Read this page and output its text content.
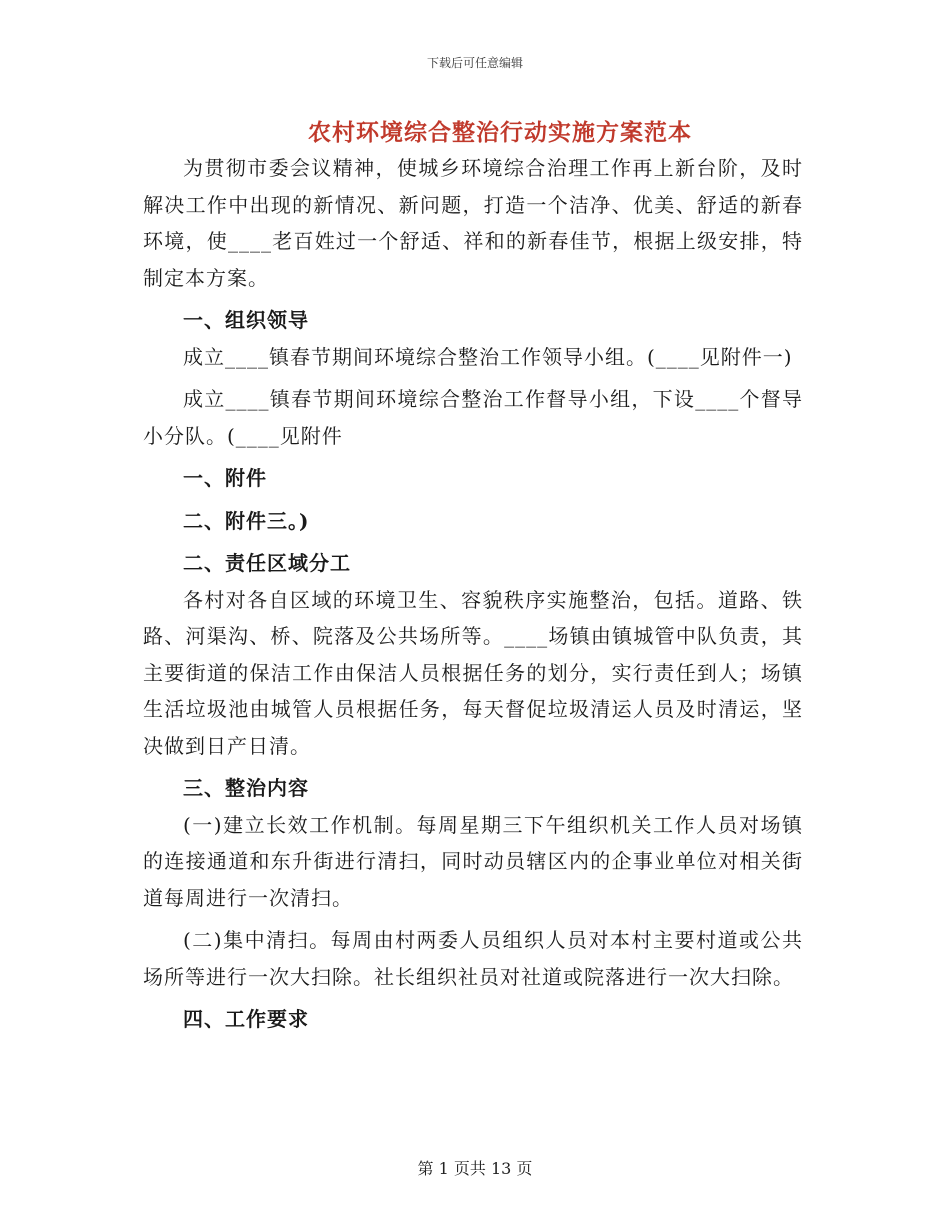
下载后可任意编辑
农村环境综合整治行动实施方案范本

为贯彻市委会议精神，使城乡环境综合治理工作再上新台阶，及时解决工作中出现的新情况、新问题，打造一个洁净、优美、舒适的新春环境，使____老百姓过一个舒适、祥和的新春佳节，根据上级安排，特制定本方案。

一、组织领导

成立____镇春节期间环境综合整治工作领导小组。(____见附件一)

成立____镇春节期间环境综合整治工作督导小组，下设____个督导小分队。(____见附件

一、附件

二、附件三。)

二、责任区域分工

各村对各自区域的环境卫生、容貌秩序实施整治，包括。道路、铁路、河渠沟、桥、院落及公共场所等。____场镇由镇城管中队负责，其主要街道的保洁工作由保洁人员根据任务的划分，实行责任到人；场镇生活垃圾池由城管人员根据任务，每天督促垃圾清运人员及时清运，坚决做到日产日清。

三、整治内容

(一)建立长效工作机制。每周星期三下午组织机关工作人员对场镇的连接通道和东升街进行清扫，同时动员辖区内的企事业单位对相关街道每周进行一次清扫。

(二)集中清扫。每周由村两委人员组织人员对本村主要村道或公共场所等进行一次大扫除。社长组织社员对社道或院落进行一次大扫除。

四、工作要求

第 1 页共 13 页
